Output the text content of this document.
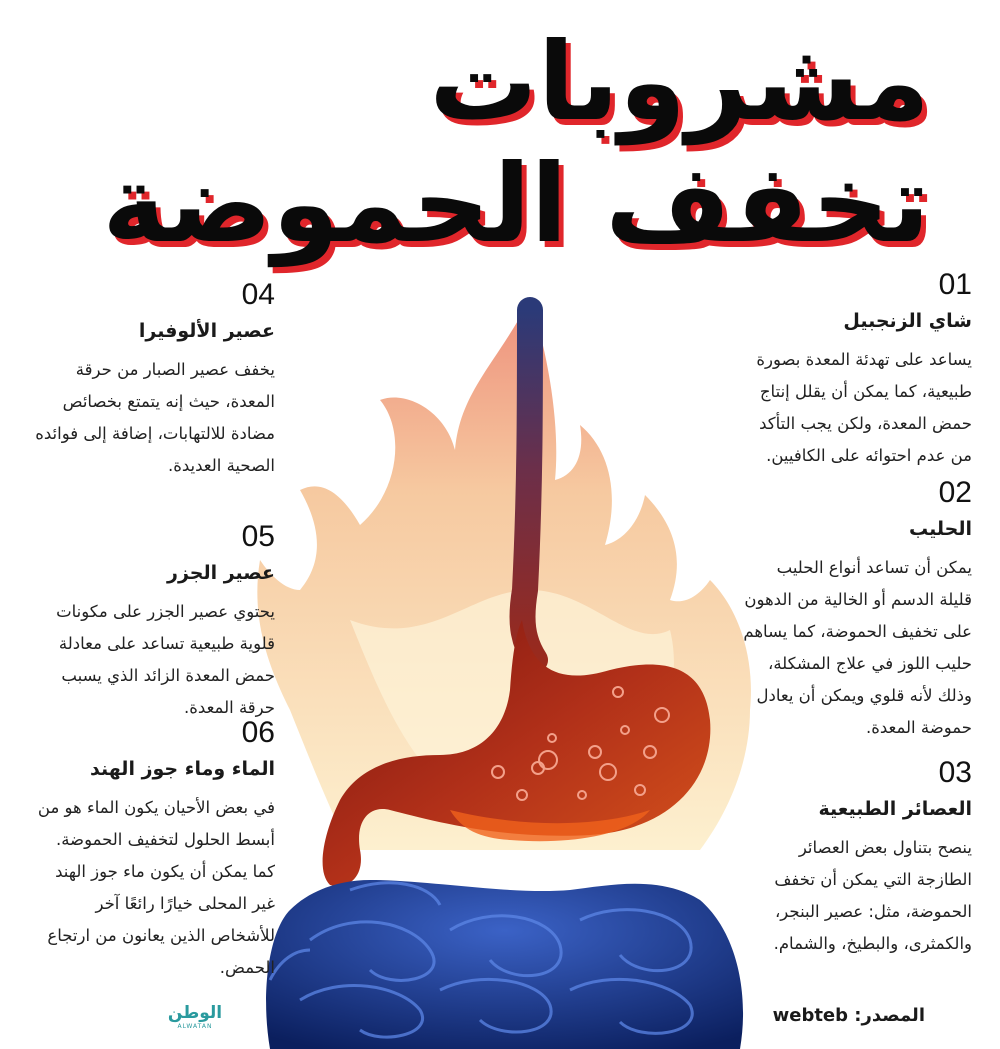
مشروبات
تخفف الحموضة
01
شاي الزنجبيل
يساعد على تهدئة المعدة بصورة طبيعية، كما يمكن أن يقلل إنتاج حمض المعدة، ولكن يجب التأكد من عدم احتوائه على الكافيين.
02
الحليب
يمكن أن تساعد أنواع الحليب قليلة الدسم أو الخالية من الدهون على تخفيف الحموضة، كما يساهم حليب اللوز في علاج المشكلة، وذلك لأنه قلوي ويمكن أن يعادل حموضة المعدة.
03
العصائر الطبيعية
ينصح بتناول بعض العصائر الطازجة التي يمكن أن تخفف الحموضة، مثل: عصير البنجر، والكمثرى، والبطيخ، والشمام.
04
عصير الألوفيرا
يخفف عصير الصبار من حرقة المعدة، حيث إنه يتمتع بخصائص مضادة للالتهابات، إضافة إلى فوائده الصحية العديدة.
05
عصير الجزر
يحتوي عصير الجزر على مكونات قلوية طبيعية تساعد على معادلة حمض المعدة الزائد الذي يسبب حرقة المعدة.
06
الماء وماء جوز الهند
في بعض الأحيان يكون الماء هو من أبسط الحلول لتخفيف الحموضة. كما يمكن أن يكون ماء جوز الهند غير المحلى خيارًا رائعًا آخر للأشخاص الذين يعانون من ارتجاع الحمض.
المصدر: webteb
الوطن
ALWATAN
